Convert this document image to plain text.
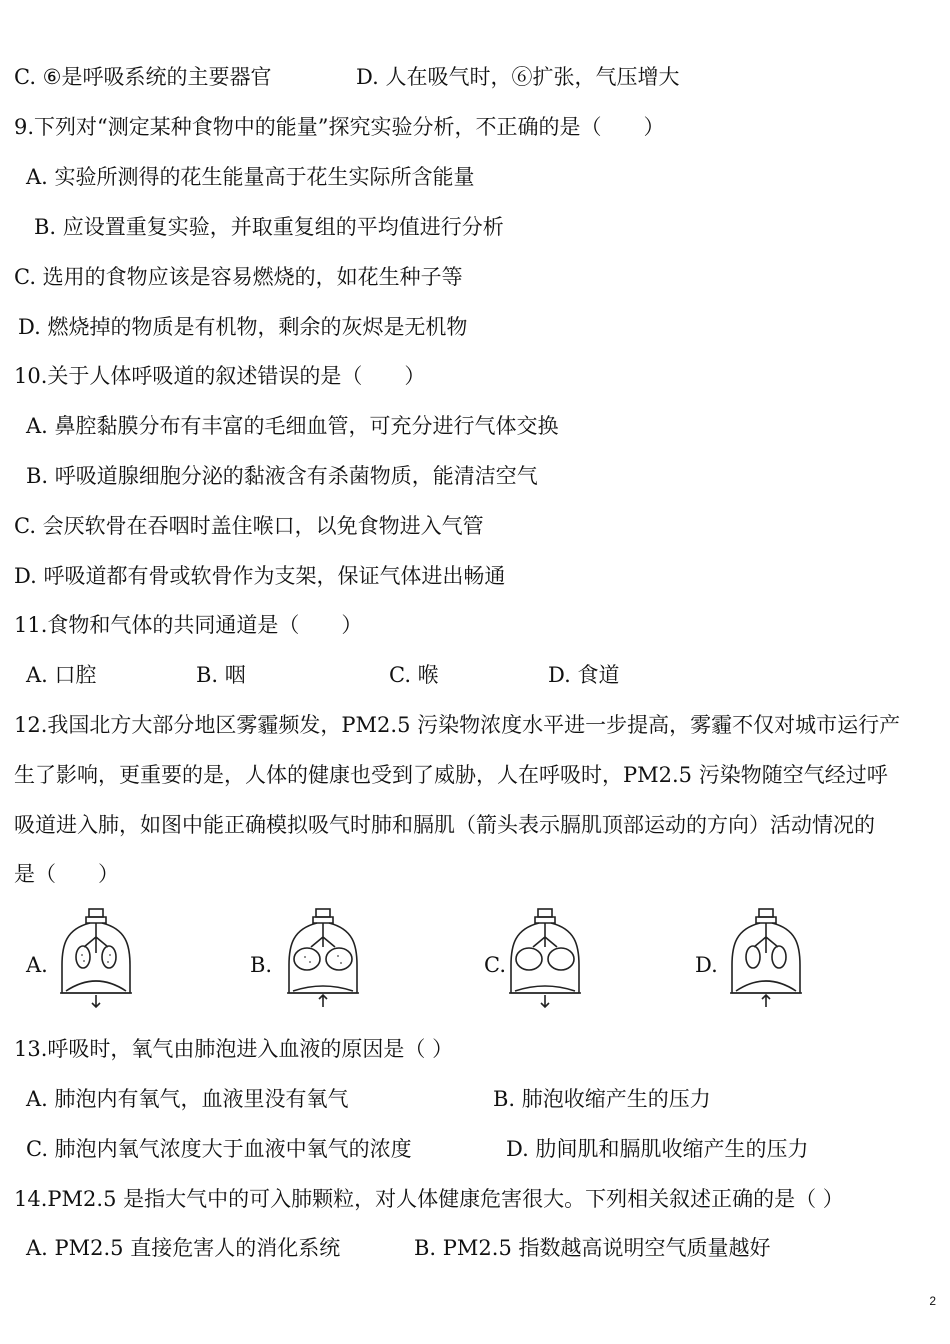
C. ⑥是呼吸系统的主要器官	D. 人在吸气时，⑥扩张，气压增大
9.下列对“测定某种食物中的能量”探究实验分析，不正确的是（　　）
A. 实验所测得的花生能量高于花生实际所含能量
B. 应设置重复实验，并取重复组的平均值进行分析
C. 选用的食物应该是容易燃烧的，如花生种子等
D. 燃烧掉的物质是有机物，剩余的灰烬是无机物
10.关于人体呼吸道的叙述错误的是（　　）
A. 鼻腔黏膜分布有丰富的毛细血管，可充分进行气体交换
B. 呼吸道腺细胞分泌的黏液含有杀菌物质，能清洁空气
C. 会厌软骨在吞咽时盖住喉口，以免食物进入气管
D. 呼吸道都有骨或软骨作为支架，保证气体进出畅通
11.食物和气体的共同通道是（　　）
A. 口腔	B. 咽	C. 喉	D. 食道
12.我国北方大部分地区雾霾频发，PM2.5 污染物浓度水平进一步提高，雾霾不仅对城市运行产
生了影响，更重要的是，人体的健康也受到了威胁，人在呼吸时，PM2.5 污染物随空气经过呼
吸道进入肺，如图中能正确模拟吸气时肺和膈肌（箭头表示膈肌顶部运动的方向）活动情况的
是（　　）
A.	B.	C.	D.
13.呼吸时，氧气由肺泡进入血液的原因是（ ）
A. 肺泡内有氧气，血液里没有氧气	B. 肺泡收缩产生的压力
C. 肺泡内氧气浓度大于血液中氧气的浓度	D. 肋间肌和膈肌收缩产生的压力
14.PM2.5 是指大气中的可入肺颗粒，对人体健康危害很大。下列相关叙述正确的是（ ）
A. PM2.5 直接危害人的消化系统	B. PM2.5 指数越高说明空气质量越好
2
